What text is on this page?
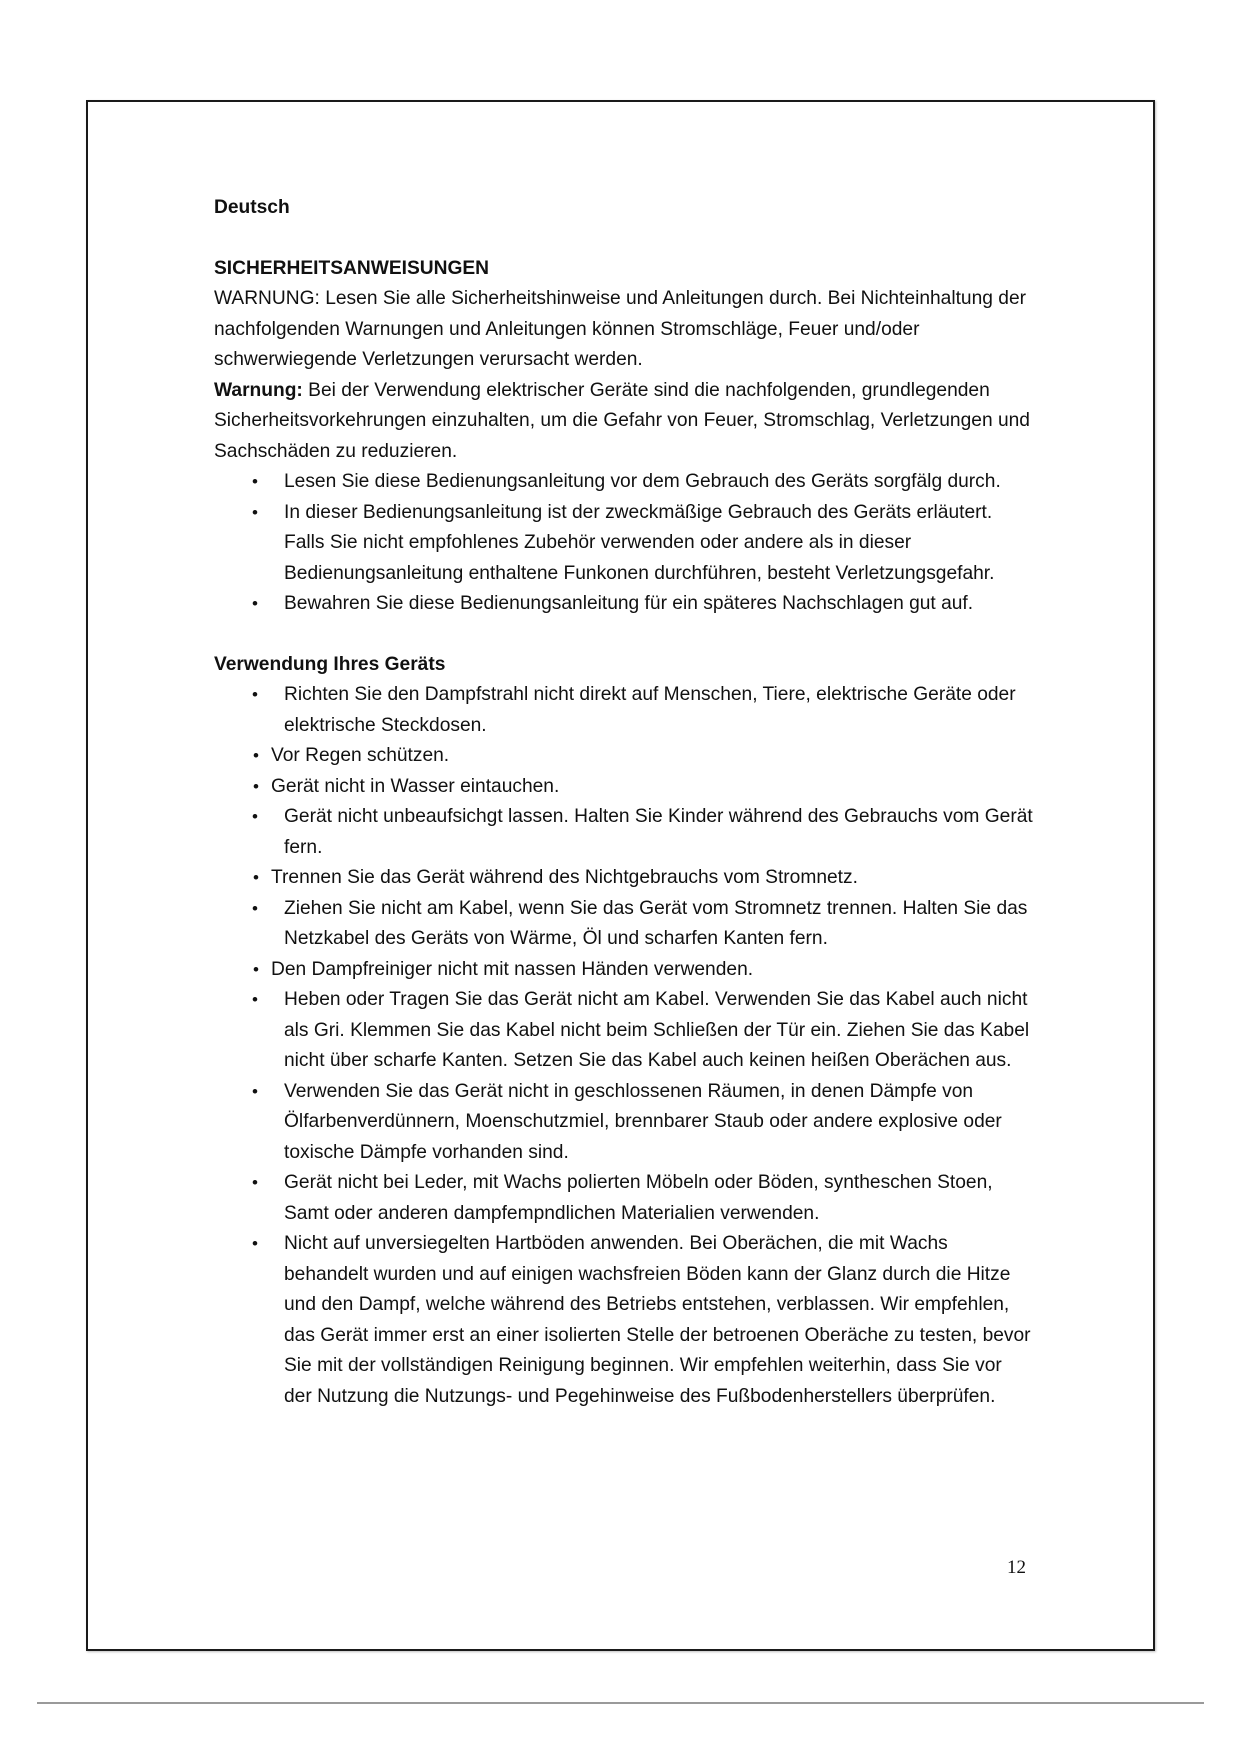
Deutsch
SICHERHEITSANWEISUNGEN

WARNUNG: Lesen Sie alle Sicherheitshinweise und Anleitungen durch. Bei Nichteinhaltung der nachfolgenden Warnungen und Anleitungen können Stromschläge, Feuer und/oder schwerwiegende Verletzungen verursacht werden.

Warnung: Bei der Verwendung elektrischer Geräte sind die nachfolgenden, grundlegenden Sicherheitsvorkehrungen einzuhalten, um die Gefahr von Feuer, Stromschlag, Verletzungen und Sachschäden zu reduzieren.

• Lesen Sie diese Bedienungsanleitung vor dem Gebrauch des Geräts sorgfälg durch.
• In dieser Bedienungsanleitung ist der zweckmäßige Gebrauch des Geräts erläutert. Falls Sie nicht empfohlenes Zubehör verwenden oder andere als in dieser Bedienungsanleitung enthaltene Funkonen durchführen, besteht Verletzungsgefahr.
• Bewahren Sie diese Bedienungsanleitung für ein späteres Nachschlagen gut auf.
Verwendung Ihres Geräts
• Richten Sie den Dampfstrahl nicht direkt auf Menschen, Tiere, elektrische Geräte oder elektrische Steckdosen.
• Vor Regen schützen.
• Gerät nicht in Wasser eintauchen.
• Gerät nicht unbeaufsichgt lassen. Halten Sie Kinder während des Gebrauchs vom Gerät fern.
• Trennen Sie das Gerät während des Nichtgebrauchs vom Stromnetz.
• Ziehen Sie nicht am Kabel, wenn Sie das Gerät vom Stromnetz trennen. Halten Sie das Netzkabel des Geräts von Wärme, Öl und scharfen Kanten fern.
• Den Dampfreiniger nicht mit nassen Händen verwenden.
• Heben oder Tragen Sie das Gerät nicht am Kabel. Verwenden Sie das Kabel auch nicht als Gri. Klemmen Sie das Kabel nicht beim Schließen der Tür ein. Ziehen Sie das Kabel nicht über scharfe Kanten. Setzen Sie das Kabel auch keinen heißen Oberächen aus.
• Verwenden Sie das Gerät nicht in geschlossenen Räumen, in denen Dämpfe von Ölfarbenverdünnern, Moenschutzmiel, brennbarer Staub oder andere explosive oder toxische Dämpfe vorhanden sind.
• Gerät nicht bei Leder, mit Wachs polierten Möbeln oder Böden, syntheschen Stoen, Samt oder anderen dampfempndlichen Materialien verwenden.
• Nicht auf unversiegelten Hartböden anwenden. Bei Oberächen, die mit Wachs behandelt wurden und auf einigen wachsfreien Böden kann der Glanz durch die Hitze und den Dampf, welche während des Betriebs entstehen, verblassen. Wir empfehlen, das Gerät immer erst an einer isolierten Stelle der betroenen Oberäche zu testen, bevor Sie mit der vollständigen Reinigung beginnen. Wir empfehlen weiterhin, dass Sie vor der Nutzung die Nutzungs- und Pegehinweise des Fußbodenherstellers überprüfen.
12
